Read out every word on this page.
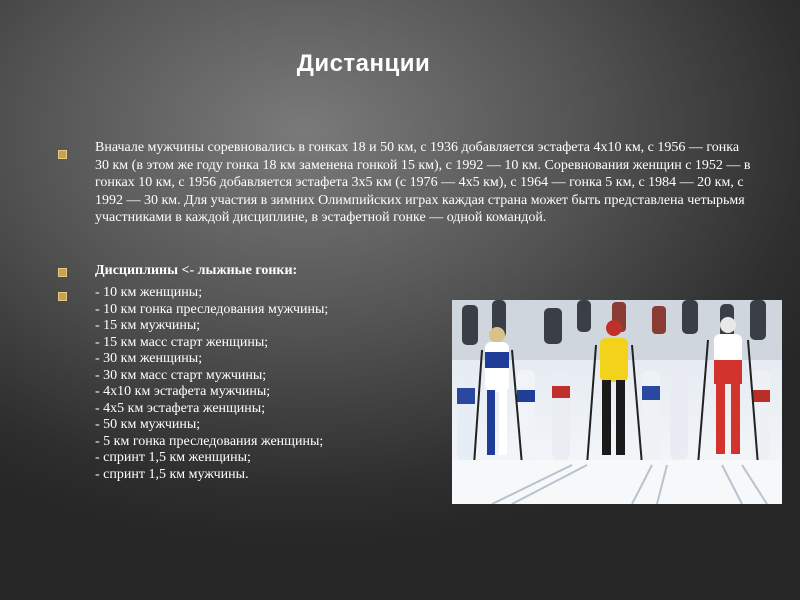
Дистанции
Вначале мужчины соревновались в гонках 18 и 50 км, с 1936 добавляется эстафета 4х10 км, с 1956 — гонка 30 км (в этом же году гонка 18 км заменена гонкой 15 км), с 1992 — 10 км. Соревнования женщин с 1952 — в гонках 10 км, с 1956 добавляется эстафета 3х5 км (с 1976 — 4х5 км), с 1964 — гонка 5 км, с 1984 — 20 км, с 1992 — 30 км. Для участия в зимних Олимпийских играх каждая страна может быть представлена четырьмя участниками в каждой дисциплине, в эстафетной гонке — одной командой.
Дисциплины <- лыжные гонки:
- 10 км женщины;
- 10 км гонка преследования мужчины;
- 15 км мужчины;
- 15 км масс старт женщины;
- 30 км женщины;
- 30 км масс старт мужчины;
- 4х10 км эстафета мужчины;
- 4х5 км эстафета женщины;
- 50 км мужчины;
- 5 км гонка преследования женщины;
- спринт 1,5 км женщины;
- спринт 1,5 км мужчины.
